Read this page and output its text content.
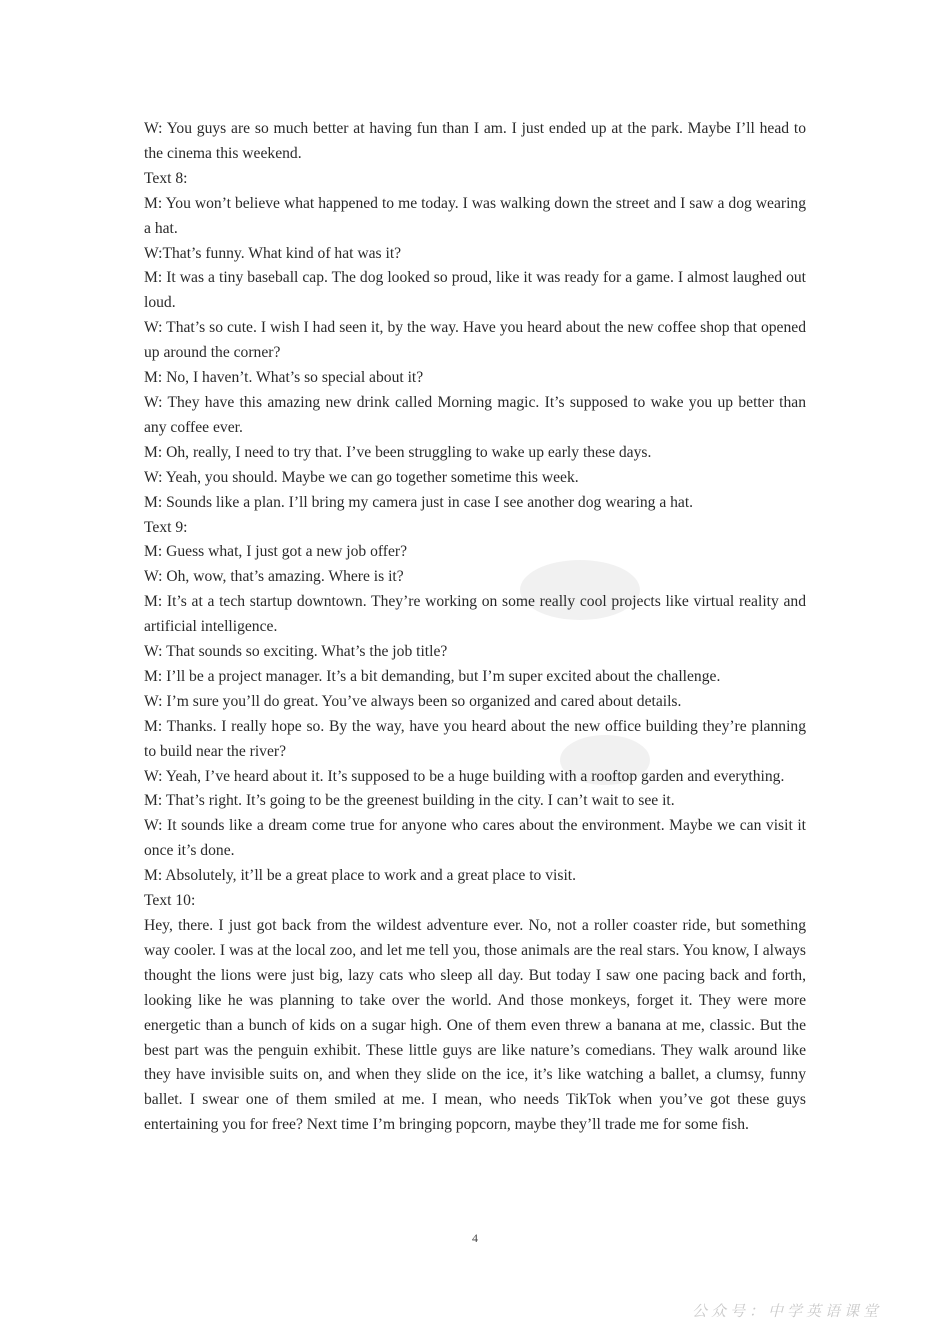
W: You guys are so much better at having fun than I am. I just ended up at the park. Maybe I’ll head to the cinema this weekend.

Text 8:

M: You won’t believe what happened to me today. I was walking down the street and I saw a dog wearing a hat.

W:That’s funny. What kind of hat was it?

M: It was a tiny baseball cap. The dog looked so proud, like it was ready for a game. I almost laughed out loud.

W: That’s so cute. I wish I had seen it, by the way. Have you heard about the new coffee shop that opened up around the corner?

M: No, I haven’t. What’s so special about it?

W: They have this amazing new drink called Morning magic. It’s supposed to wake you up better than any coffee ever.

M: Oh, really, I need to try that. I’ve been struggling to wake up early these days.

W: Yeah, you should. Maybe we can go together sometime this week.

M: Sounds like a plan. I’ll bring my camera just in case I see another dog wearing a hat.

Text 9:

M: Guess what, I just got a new job offer?

W: Oh, wow, that’s amazing. Where is it?

M: It’s at a tech startup downtown. They’re working on some really cool projects like virtual reality and artificial intelligence.

W: That sounds so exciting. What’s the job title?

M: I’ll be a project manager. It’s a bit demanding, but I’m super excited about the challenge.

W: I’m sure you’ll do great. You’ve always been so organized and cared about details.

M: Thanks. I really hope so. By the way, have you heard about the new office building they’re planning to build near the river?

W: Yeah, I’ve heard about it. It’s supposed to be a huge building with a rooftop garden and everything.

M: That’s right. It’s going to be the greenest building in the city. I can’t wait to see it.

W: It sounds like a dream come true for anyone who cares about the environment. Maybe we can visit it once it’s done.

M: Absolutely, it’ll be a great place to work and a great place to visit.

Text 10:

Hey, there. I just got back from the wildest adventure ever. No, not a roller coaster ride, but something way cooler. I was at the local zoo, and let me tell you, those animals are the real stars. You know, I always thought the lions were just big, lazy cats who sleep all day. But today I saw one pacing back and forth, looking like he was planning to take over the world. And those monkeys, forget it. They were more energetic than a bunch of kids on a sugar high. One of them even threw a banana at me, classic. But the best part was the penguin exhibit. These little guys are like nature’s comedians. They walk around like they have invisible suits on, and when they slide on the ice, it’s like watching a ballet, a clumsy, funny ballet. I swear one of them smiled at me. I mean, who needs TikTok when you’ve got these guys entertaining you for free? Next time I’m bringing popcorn, maybe they’ll trade me for some fish.

4
公众号：中学英语课堂
